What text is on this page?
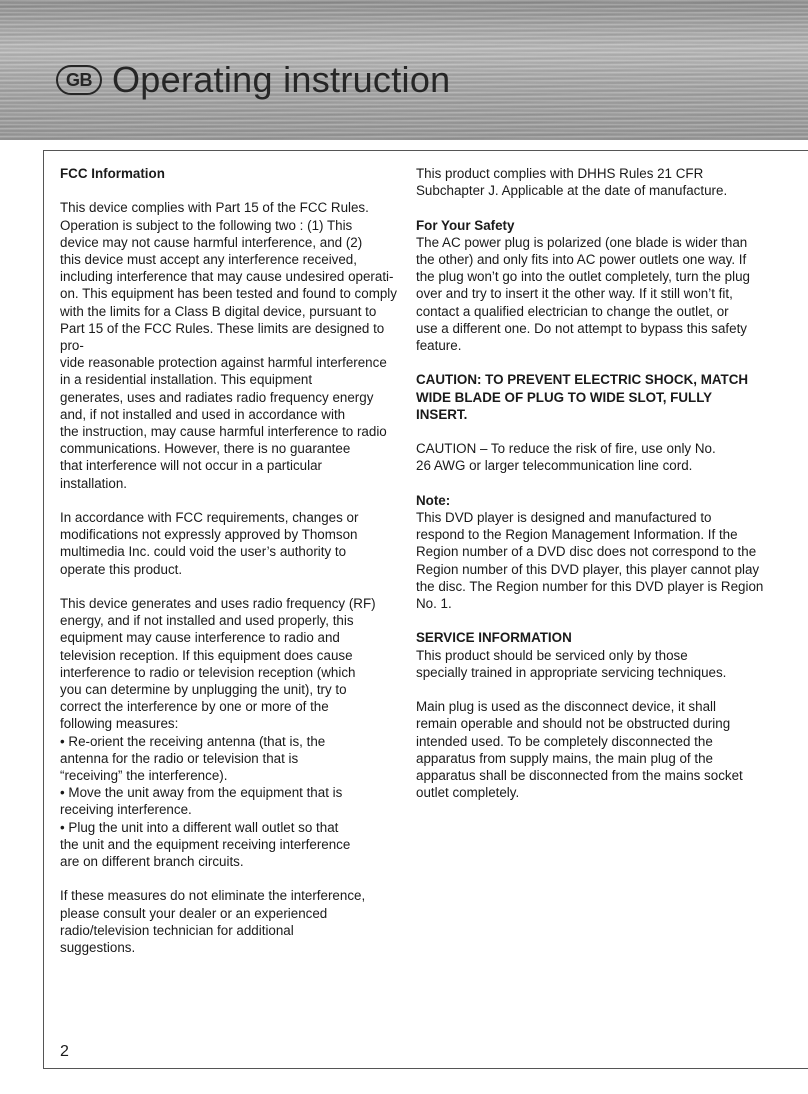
GB Operating instruction

FCC Information

This device complies with Part 15 of the FCC Rules.
Operation is subject to the following two : (1) This
device may not cause harmful interference, and (2)
this device must accept any interference received,
including interference that may cause undesired operati-
on. This equipment has been tested and found to comply
with the limits for a Class B digital device, pursuant to
Part 15 of the FCC Rules. These limits are designed to pro-
vide reasonable protection against harmful interference
in a residential installation. This equipment
generates, uses and radiates radio frequency energy
and, if not installed and used in accordance with
the instruction, may cause harmful interference to radio
communications. However, there is no guarantee
that interference will not occur in a particular
installation.

In accordance with FCC requirements, changes or
modifications not expressly approved by Thomson
multimedia Inc. could void the user’s authority to
operate this product.

This device generates and uses radio frequency (RF)
energy, and if not installed and used properly, this
equipment may cause interference to radio and
television reception. If this equipment does cause
interference to radio or television reception (which
you can determine by unplugging the unit), try to
correct the interference by one or more of the
following measures:

• Re-orient the receiving antenna (that is, the
antenna for the radio or television that is
“receiving” the interference).
• Move the unit away from the equipment that is
receiving interference.
• Plug the unit into a different wall outlet so that
the unit and the equipment receiving interference
are on different branch circuits.

If these measures do not eliminate the interference,
please consult your dealer or an experienced
radio/television technician for additional
suggestions.

This product complies with DHHS Rules 21 CFR
Subchapter J. Applicable at the date of manufacture.

For Your Safety

The AC power plug is polarized (one blade is wider than
the other) and only fits into AC power outlets one way. If
the plug won’t go into the outlet completely, turn the plug
over and try to insert it the other way. If it still won’t fit,
contact a qualified electrician to change the outlet, or
use a different one. Do not attempt to bypass this safety
feature.

CAUTION: TO PREVENT ELECTRIC SHOCK, MATCH
WIDE BLADE OF PLUG TO WIDE SLOT, FULLY
INSERT.

CAUTION – To reduce the risk of fire, use only No.
26 AWG or larger telecommunication line cord.

Note:

This DVD player is designed and manufactured to
respond to the Region Management Information. If the
Region number of a DVD disc does not correspond to the
Region number of this DVD player, this player cannot play
the disc. The Region number for this DVD player is Region
No. 1.

SERVICE INFORMATION

This product should be serviced only by those
specially trained in appropriate servicing techniques.

Main plug is used as the disconnect device, it shall
remain operable and should not be obstructed during
intended used. To be completely disconnected the
apparatus from supply mains, the main plug of the
apparatus shall be disconnected from the mains socket
outlet completely.

2
